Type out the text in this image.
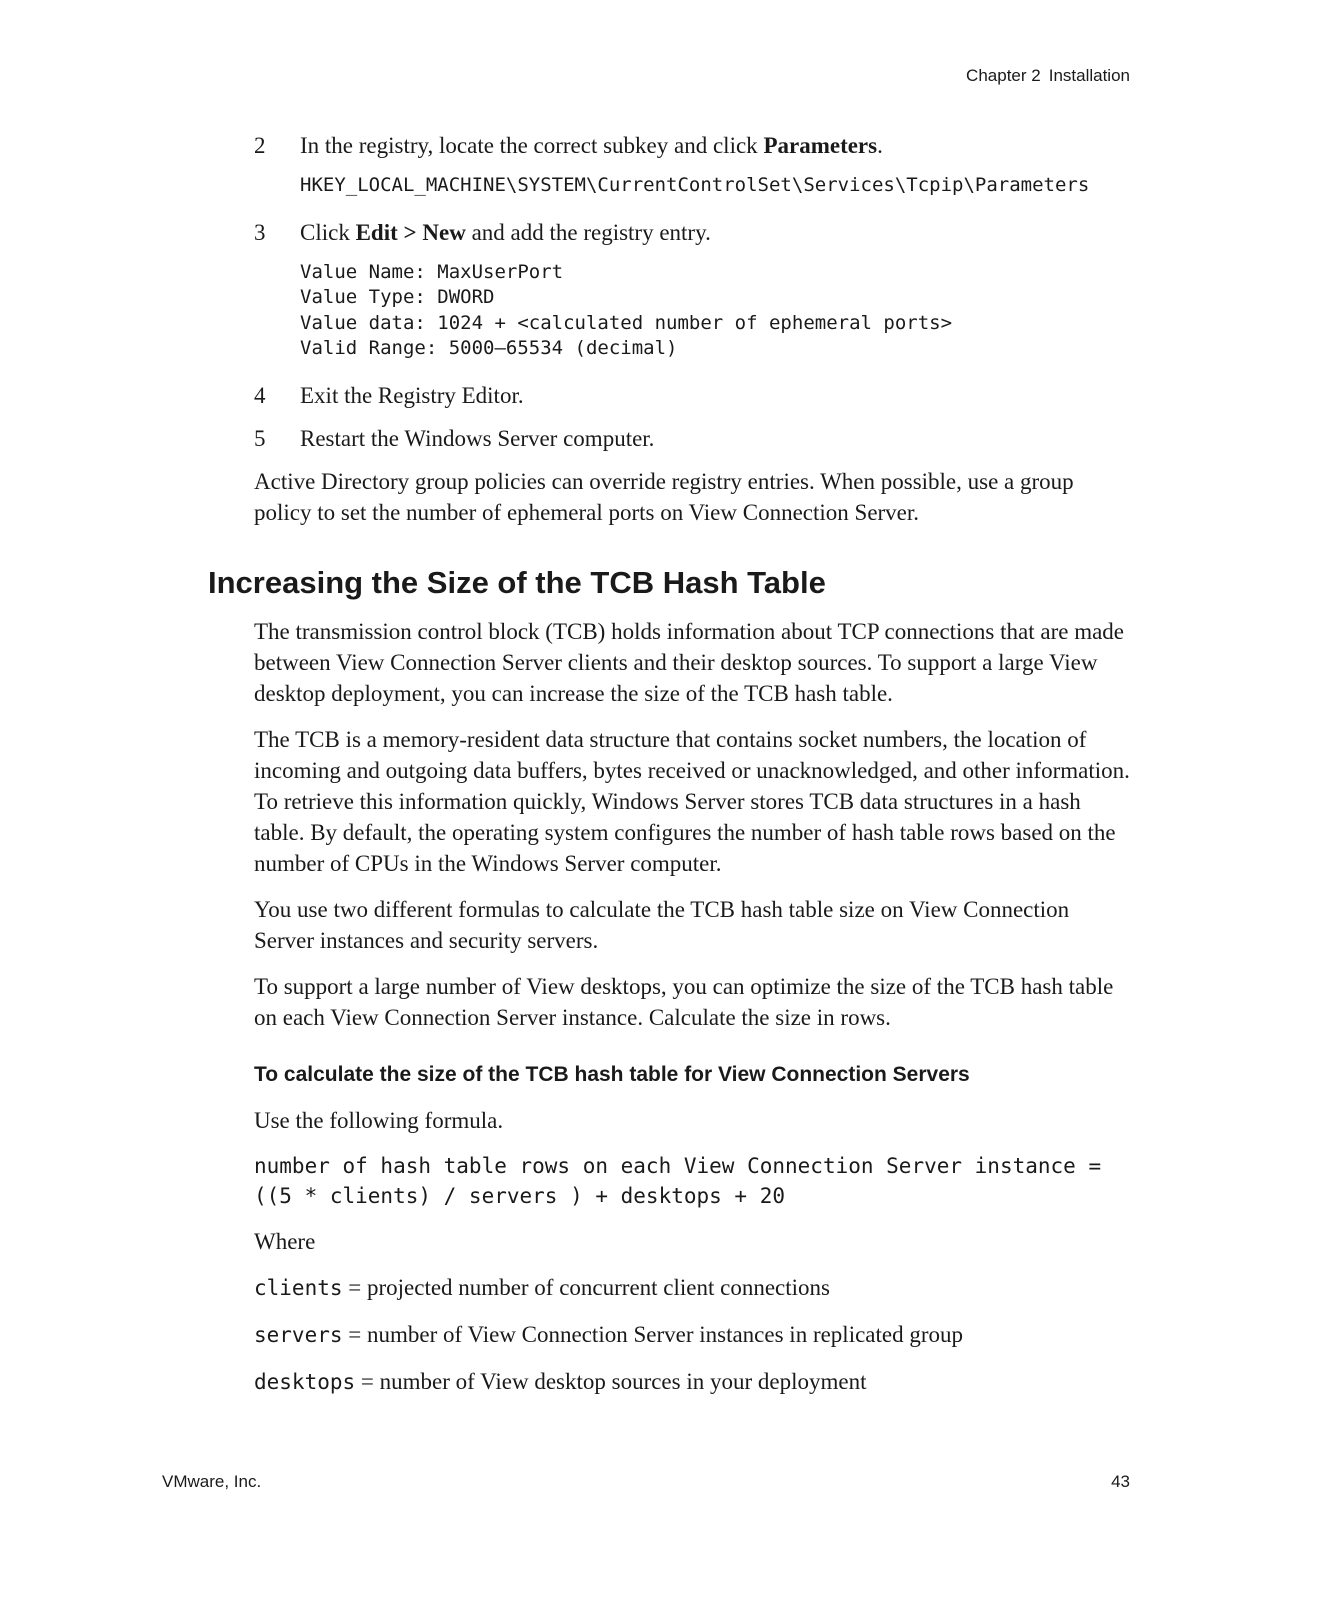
Chapter 2 Installation
2 In the registry, locate the correct subkey and click Parameters.
HKEY_LOCAL_MACHINE\SYSTEM\CurrentControlSet\Services\Tcpip\Parameters
3 Click Edit > New and add the registry entry.
Value Name: MaxUserPort
Value Type: DWORD
Value data: 1024 + <calculated number of ephemeral ports>
Valid Range: 5000–65534 (decimal)
4 Exit the Registry Editor.
5 Restart the Windows Server computer.

Active Directory group policies can override registry entries. When possible, use a group policy to set the number of ephemeral ports on View Connection Server.

Increasing the Size of the TCB Hash Table

The transmission control block (TCB) holds information about TCP connections that are made between View Connection Server clients and their desktop sources. To support a large View desktop deployment, you can increase the size of the TCB hash table.

The TCB is a memory-resident data structure that contains socket numbers, the location of incoming and outgoing data buffers, bytes received or unacknowledged, and other information. To retrieve this information quickly, Windows Server stores TCB data structures in a hash table. By default, the operating system configures the number of hash table rows based on the number of CPUs in the Windows Server computer.

You use two different formulas to calculate the TCB hash table size on View Connection Server instances and security servers.

To support a large number of View desktops, you can optimize the size of the TCB hash table on each View Connection Server instance. Calculate the size in rows.

To calculate the size of the TCB hash table for View Connection Servers

Use the following formula.

number of hash table rows on each View Connection Server instance =
((5 * clients) / servers ) + desktops + 20

Where

clients = projected number of concurrent client connections

servers = number of View Connection Server instances in replicated group

desktops = number of View desktop sources in your deployment

VMware, Inc.	43
